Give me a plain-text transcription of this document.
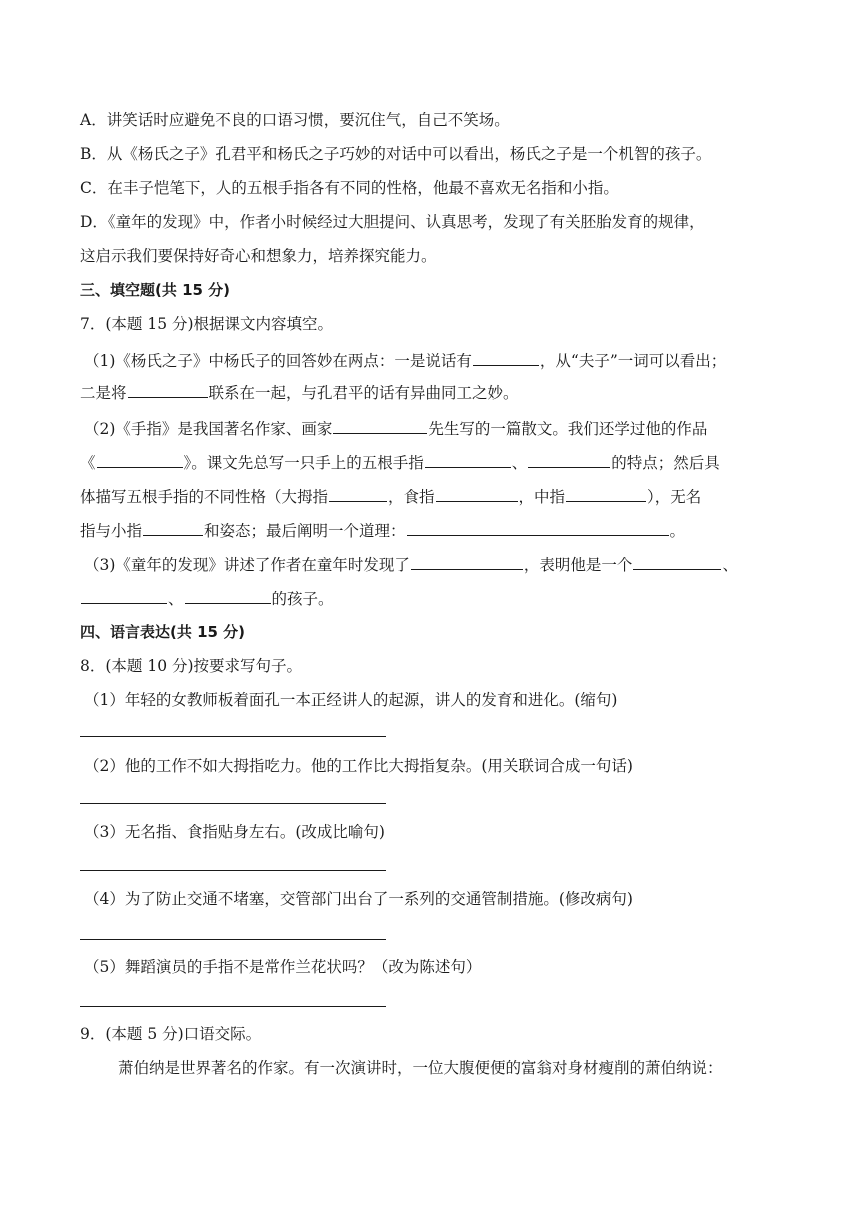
A．讲笑话时应避免不良的口语习惯，要沉住气，自己不笑场。
B．从《杨氏之子》孔君平和杨氏之子巧妙的对话中可以看出，杨氏之子是一个机智的孩子。
C．在丰子恺笔下，人的五根手指各有不同的性格，他最不喜欢无名指和小指。
D．《童年的发现》中，作者小时候经过大胆提问、认真思考，发现了有关胚胎发育的规律，
这启示我们要保持好奇心和想象力，培养探究能力。
三、填空题(共 15 分)
7．(本题 15 分)根据课文内容填空。
（1)《杨氏之子》中杨氏子的回答妙在两点：一是说话有	，从“夫子”一词可以看出；
二是将	联系在一起，与孔君平的话有异曲同工之妙。
（2)《手指》是我国著名作家、画家	先生写的一篇散文。我们还学过他的作品
《	》。课文先总写一只手上的五根手指	、	的特点；然后具
体描写五根手指的不同性格（大拇指	，食指	，中指	），无名
指与小指	和姿态；最后阐明一个道理：	。
（3)《童年的发现》讲述了作者在童年时发现了	，表明他是一个	、
、	的孩子。
四、语言表达(共 15 分)
8．(本题 10 分)按要求写句子。
（1）年轻的女教师板着面孔一本正经讲人的起源，讲人的发育和进化。(缩句)
（2）他的工作不如大拇指吃力。他的工作比大拇指复杂。(用关联词合成一句话)
（3）无名指、食指贴身左右。(改成比喻句)
（4）为了防止交通不堵塞，交管部门出台了一系列的交通管制措施。(修改病句)
（5）舞蹈演员的手指不是常作兰花状吗？（改为陈述句）
9．(本题 5 分)口语交际。
萧伯纳是世界著名的作家。有一次演讲时，一位大腹便便的富翁对身材瘦削的萧伯纳说：
